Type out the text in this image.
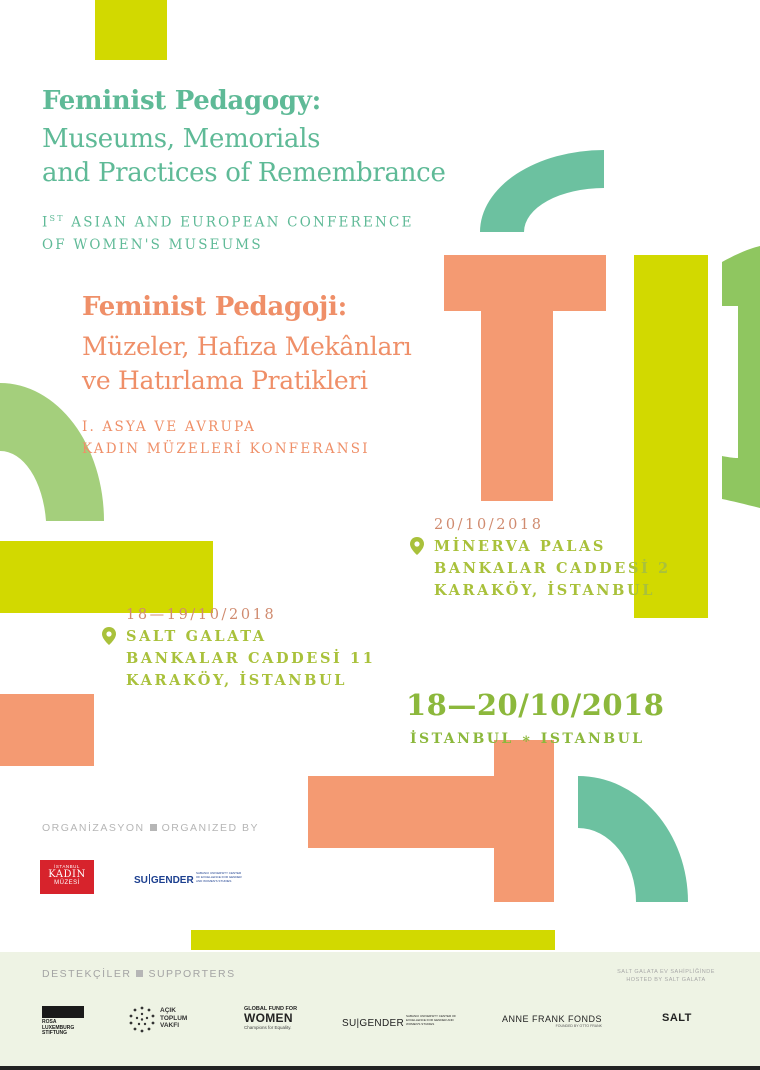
Feminist Pedagogy:
Museums, Memorials
and Practices of Remembrance
IST ASIAN AND EUROPEAN CONFERENCE
OF WOMEN'S MUSEUMS
Feminist Pedagoji:
Müzeler, Hafıza Mekânları
ve Hatırlama Pratikleri
I. ASYA VE AVRUPA
KADIN MÜZELERİ KONFERANSI
20/10/2018
MİNERVA PALAS
BANKALAR CADDESİ 2
KARAKÖY, İSTANBUL
18—19/10/2018
SALT GALATA
BANKALAR CADDESİ 11
KARAKÖY, İSTANBUL
18—20/10/2018
İSTANBUL ∗ ISTANBUL
ORGANİZASYON ORGANIZED BY
İSTANBUL
KADIN
MÜZESİ	SU GENDER
SABANCI UNIVERSITY CENTER OF EXCELLENCE FOR GENDER AND WOMEN'S STUDIES
DESTEKÇİLER SUPPORTERS	SALT GALATA EV SAHİPLİĞİNDE
HOSTED BY SALT GALATA
ROSA LUXEMBURG STIFTUNG
AÇIK
TOPLUM
VAKFI
GLOBAL FUND FOR
WOMEN
Champions for Equality.	SU|GENDER
SABANCI UNIVERSITY CENTER OF EXCELLENCE FOR GENDER AND WOMEN'S STUDIES	ANNE FRANK FONDS
FOUNDED BY OTTO FRANK
SALT
